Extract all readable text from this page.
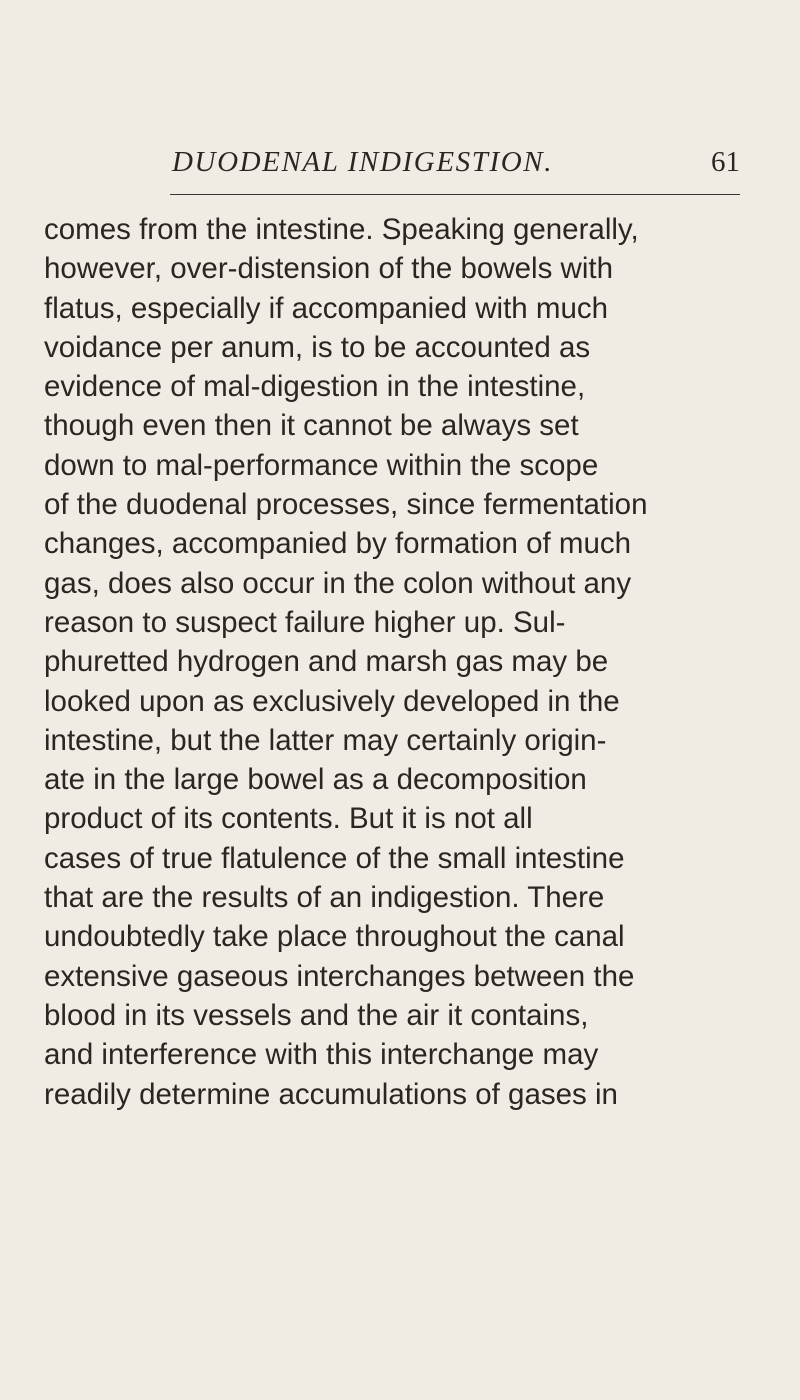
DUODENAL INDIGESTION.	61
comes from the intestine. Speaking generally,
however, over-distension of the bowels with
flatus, especially if accompanied with much
voidance per anum, is to be accounted as
evidence of mal-digestion in the intestine,
though even then it cannot be always set
down to mal-performance within the scope
of the duodenal processes, since fermentation
changes, accompanied by formation of much
gas, does also occur in the colon without any
reason to suspect failure higher up. Sul-
phuretted hydrogen and marsh gas may be
looked upon as exclusively developed in the
intestine, but the latter may certainly origin-
ate in the large bowel as a decomposition
product of its contents. But it is not all
cases of true flatulence of the small intestine
that are the results of an indigestion. There
undoubtedly take place throughout the canal
extensive gaseous interchanges between the
blood in its vessels and the air it contains,
and interference with this interchange may
readily determine accumulations of gases in
